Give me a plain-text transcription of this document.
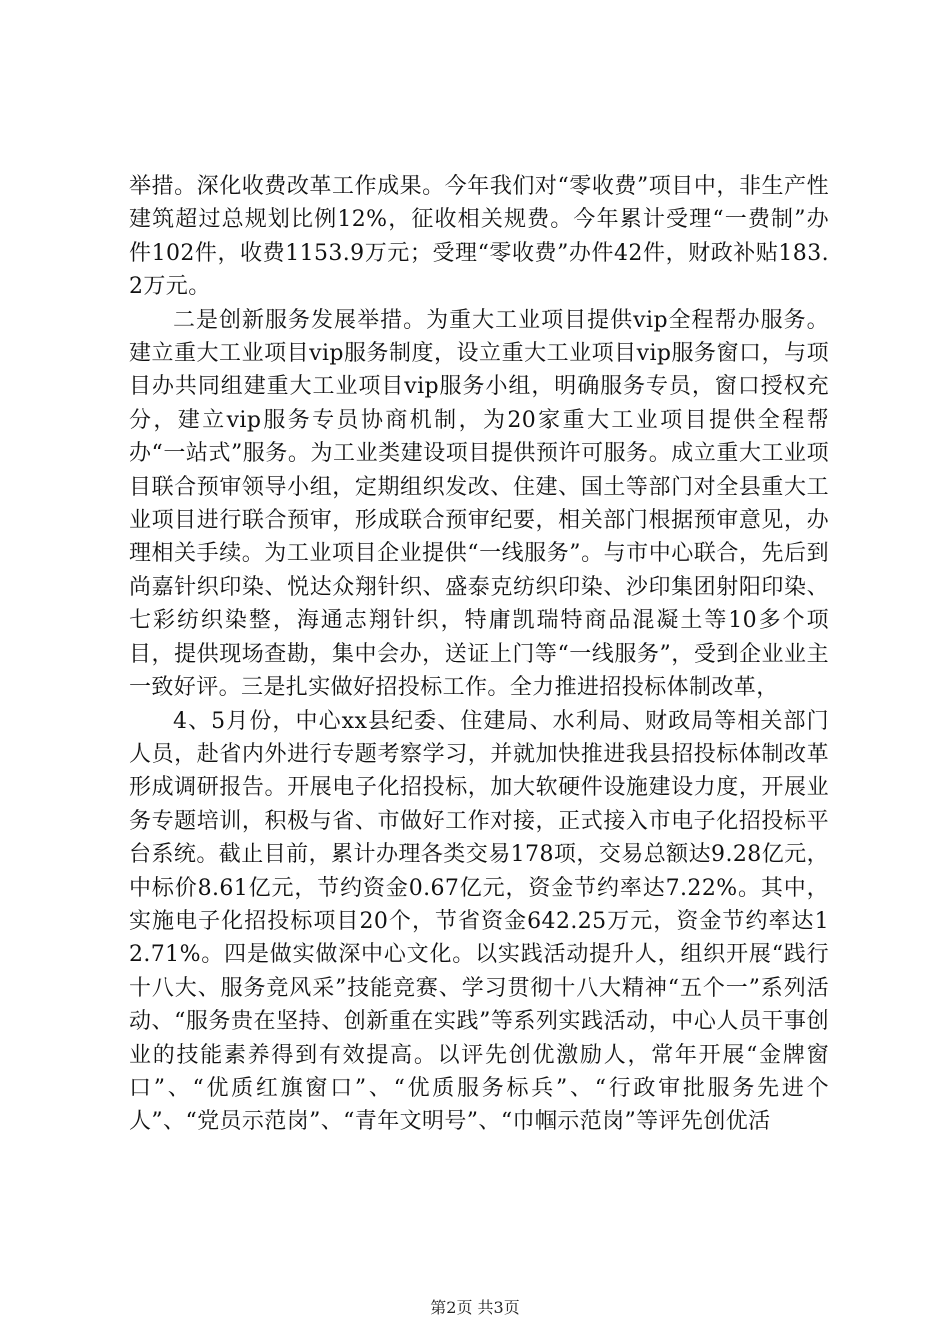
举措。深化收费改革工作成果。今年我们对“零收费”项目中，非生产性建筑超过总规划比例12%，征收相关规费。今年累计受理“一费制”办件102件，收费1153.9万元；受理“零收费”办件42件，财政补贴183.2万元。

二是创新服务发展举措。为重大工业项目提供vip全程帮办服务。建立重大工业项目vip服务制度，设立重大工业项目vip服务窗口，与项目办共同组建重大工业项目vip服务小组，明确服务专员，窗口授权充分，建立vip服务专员协商机制，为20家重大工业项目提供全程帮办“一站式”服务。为工业类建设项目提供预许可服务。成立重大工业项目联合预审领导小组，定期组织发改、住建、国土等部门对全县重大工业项目进行联合预审，形成联合预审纪要，相关部门根据预审意见，办理相关手续。为工业项目企业提供“一线服务”。与市中心联合，先后到尚嘉针织印染、悦达众翔针织、盛泰克纺织印染、沙印集团射阳印染、七彩纺织染整，海通志翔针织，特庸凯瑞特商品混凝土等10多个项目，提供现场查勘，集中会办，送证上门等“一线服务”，受到企业业主一致好评。三是扎实做好招投标工作。全力推进招投标体制改革，

4、5月份，中心xx县纪委、住建局、水利局、财政局等相关部门人员，赴省内外进行专题考察学习，并就加快推进我县招投标体制改革形成调研报告。开展电子化招投标，加大软硬件设施建设力度，开展业务专题培训，积极与省、市做好工作对接，正式接入市电子化招投标平台系统。截止目前，累计办理各类交易178项，交易总额达9.28亿元，中标价8.61亿元，节约资金0.67亿元，资金节约率达7.22%。其中，实施电子化招投标项目20个，节省资金642.25万元，资金节约率达12.71%。四是做实做深中心文化。以实践活动提升人，组织开展“践行十八大、服务竞风采”技能竞赛、学习贯彻十八大精神“五个一”系列活动、“服务贵在坚持、创新重在实践”等系列实践活动，中心人员干事创业的技能素养得到有效提高。以评先创优激励人，常年开展“金牌窗口”、“优质红旗窗口”、“优质服务标兵”、“行政审批服务先进个人”、“党员示范岗”、“青年文明号”、“巾帼示范岗”等评先创优活

第2页 共3页
